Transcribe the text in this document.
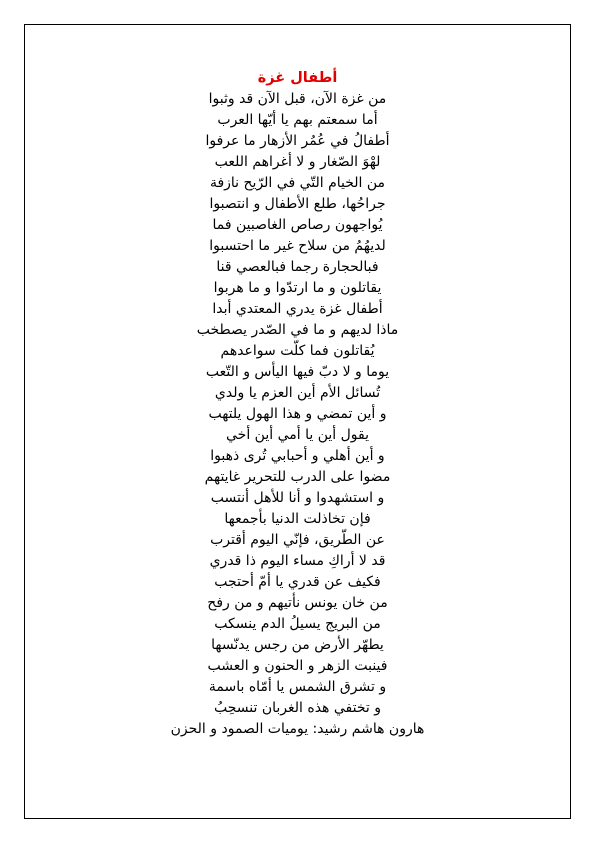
أطفال غزة
من غزة الآن، قبل الآن قد وثبوا
أما سمعتم بهم يا أيّها العرب
أطفالُ في عُمُر الأزهار ما عرفوا
لهْوَ الصّغار و لا أغراهم اللعب
من الخيام التّي في الرّيح نازفة
جراحُها، طلع الأطفال و انتصبوا
يُواجهون رصاص الغاصبين فما
لديهُمُ من سلاح غير ما احتسبوا
فبالحجارة رجما فبالعصي قنا
يقاتلون و ما ارتدّوا و ما هربوا
أطفال غزة يدري المعتدي أبدا
ماذا لديهم و ما في الصّدر يصطخب
يُقاتلون فما كلّت سواعدهم
يوما و لا دبّ فيها اليأس و التّعب
تُسائل الأم أين العزم يا ولدي
و أين تمضي و هذا الهول يلتهب
يقول أين يا أمي أين أخي
و أين أهلي و أحبابي تُرى ذهبوا
مضوا على الدرب للتحرير غايتهم
و استشهدوا و أنا للأهل أنتسب
فإن تخاذلت الدنيا بأجمعها
عن الطّريق، فإنّي اليوم أقترب
قد لا أراكِ مساء اليوم ذا قدري
فكيف عن قدري يا أمّ أحتجب
من خان يونس نأتيهم و من رفح
من البريج يسيلُ الدم ينسكب
يطهّر الأرض من رجس يدنّسها
فينبت الزهر و الحنون و العشب
و تشرق الشمس يا أمّاه باسمة
و تختفي هذه الغربان تنسحِبُ
هارون هاشم رشيد: يوميات الصمود و الحزن
